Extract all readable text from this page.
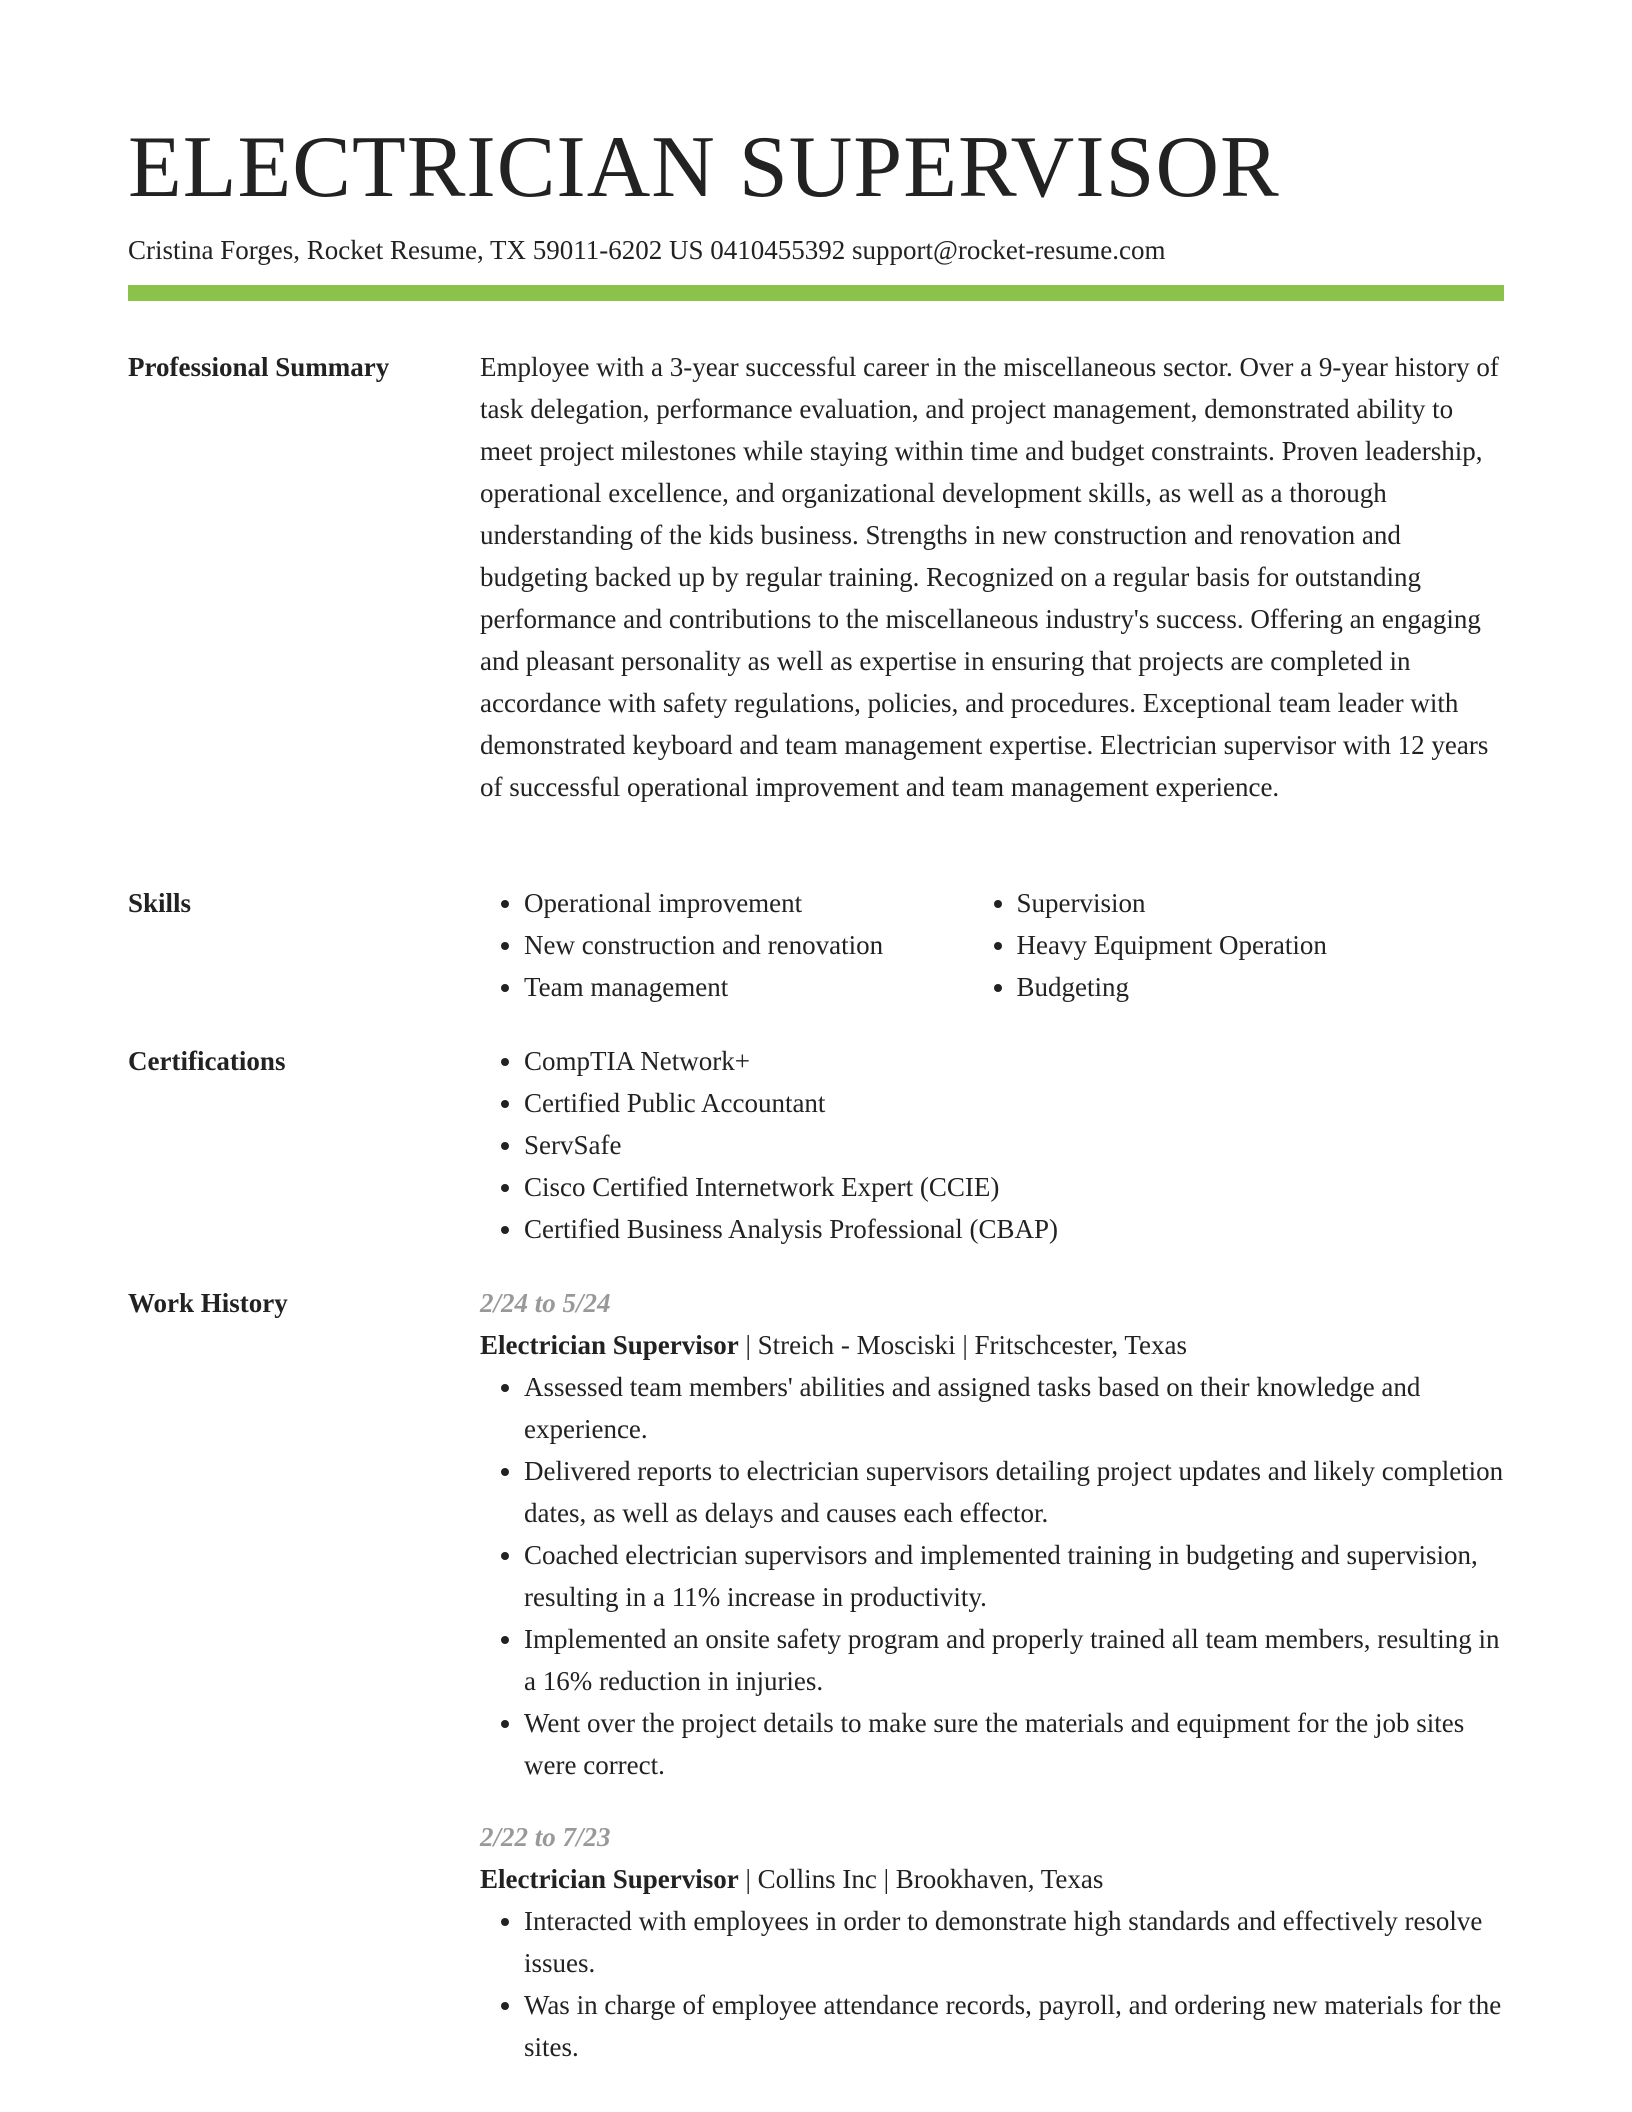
ELECTRICIAN SUPERVISOR
Cristina Forges, Rocket Resume, TX 59011-6202 US 0410455392 support@rocket-resume.com
Professional Summary	Employee with a 3-year successful career in the miscellaneous sector. Over a 9-year history of task delegation, performance evaluation, and project management, demonstrated ability to meet project milestones while staying within time and budget constraints. Proven leadership, operational excellence, and organizational development skills, as well as a thorough understanding of the kids business. Strengths in new construction and renovation and budgeting backed up by regular training. Recognized on a regular basis for outstanding performance and contributions to the miscellaneous industry's success. Offering an engaging and pleasant personality as well as expertise in ensuring that projects are completed in accordance with safety regulations, policies, and procedures. Exceptional team leader with demonstrated keyboard and team management expertise. Electrician supervisor with 12 years of successful operational improvement and team management experience.

Skills	• Operational improvement
• New construction and renovation
• Team management
• Supervision
• Heavy Equipment Operation
• Budgeting
Certifications	• CompTIA Network+
• Certified Public Accountant
• ServSafe
• Cisco Certified Internetwork Expert (CCIE)
• Certified Business Analysis Professional (CBAP)
Work History	2/24 to 5/24
Electrician Supervisor | Streich - Mosciski | Fritschcester, Texas
• Assessed team members' abilities and assigned tasks based on their knowledge and experience.
• Delivered reports to electrician supervisors detailing project updates and likely completion dates, as well as delays and causes each effector.
• Coached electrician supervisors and implemented training in budgeting and supervision, resulting in a 11% increase in productivity.
• Implemented an onsite safety program and properly trained all team members, resulting in a 16% reduction in injuries.
• Went over the project details to make sure the materials and equipment for the job sites were correct.
2/22 to 7/23
Electrician Supervisor | Collins Inc | Brookhaven, Texas
• Interacted with employees in order to demonstrate high standards and effectively resolve issues.
• Was in charge of employee attendance records, payroll, and ordering new materials for the sites.
